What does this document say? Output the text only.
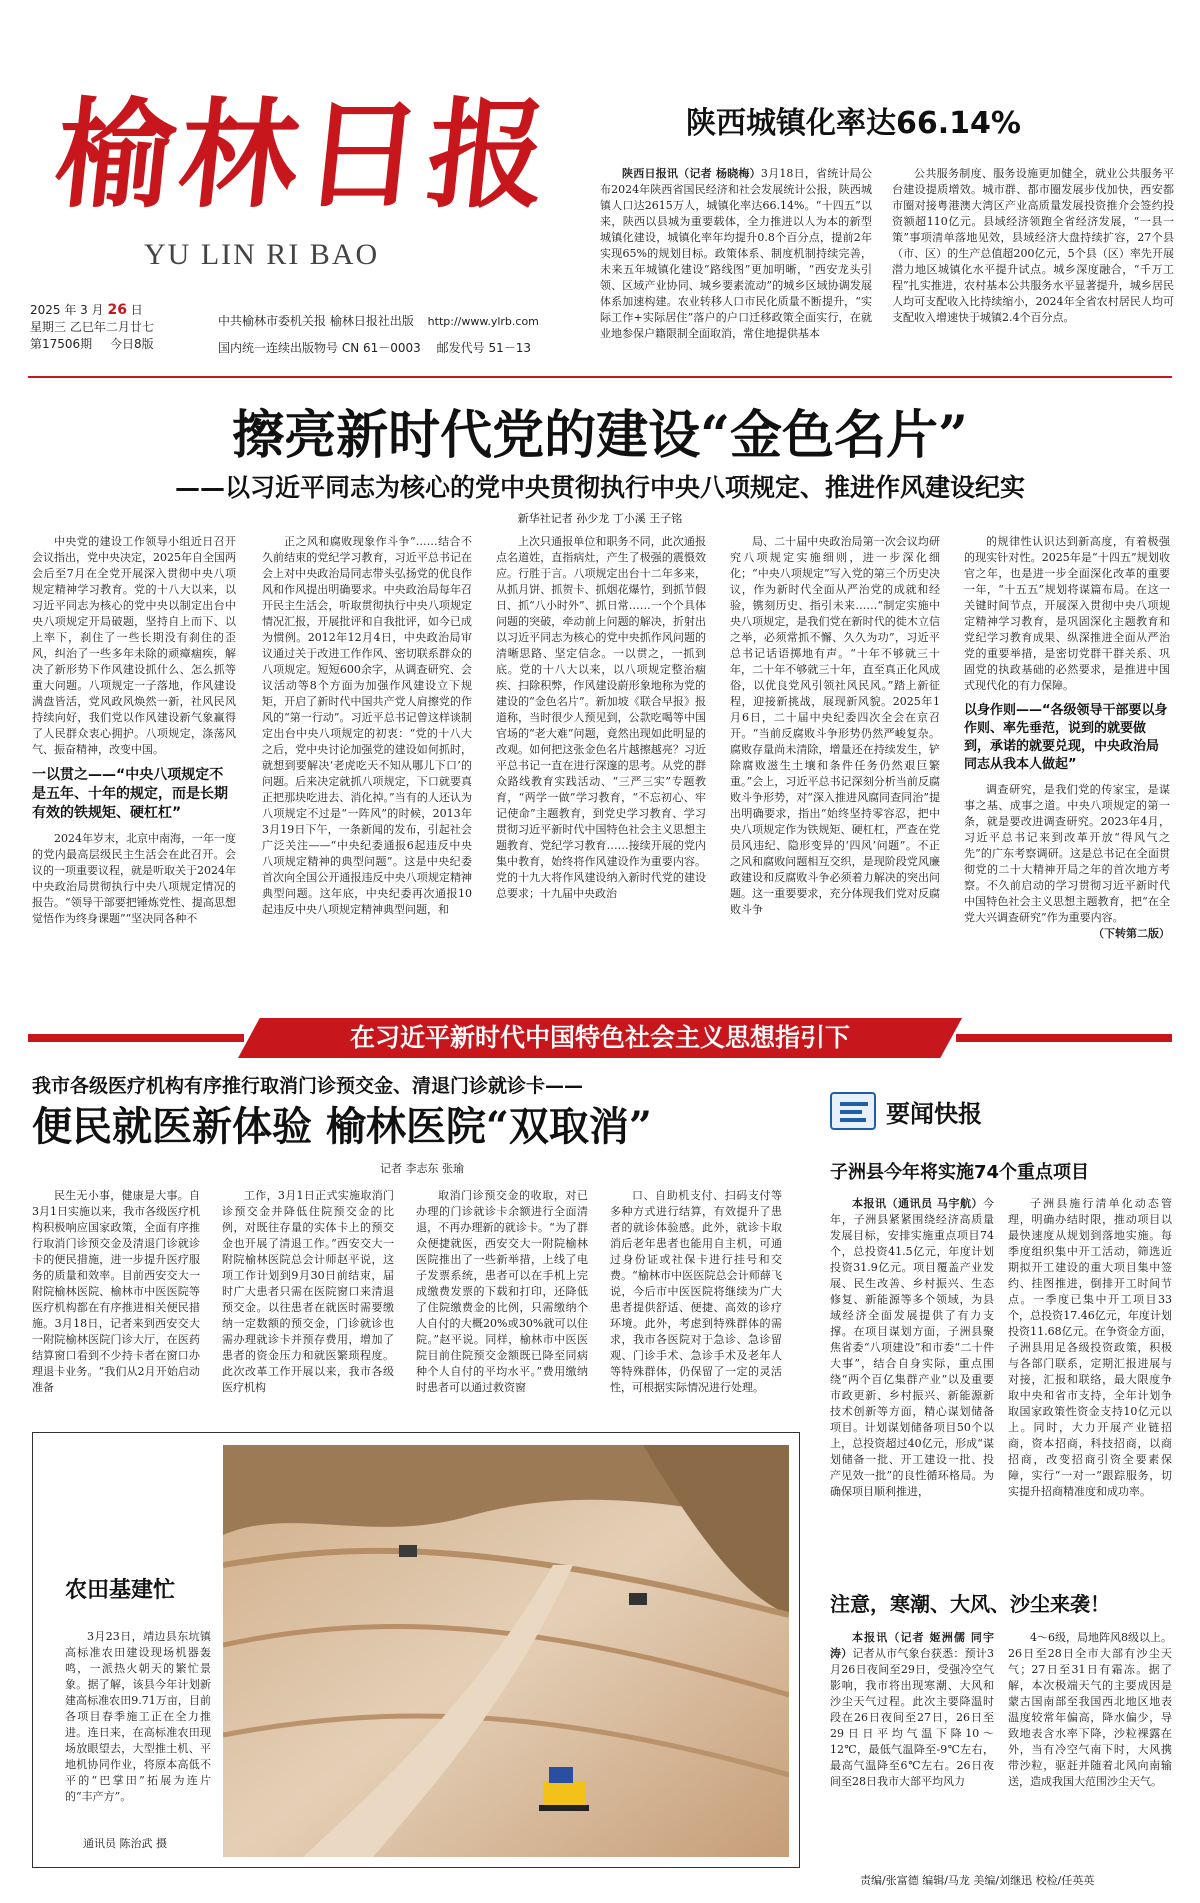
榆林日报
YU LIN RI BAO
2025 年 3 月 26 日
星期三 乙巳年二月廿七
第17506期 今日8版
中共榆林市委机关报 榆林日报社出版 http://www.ylrb.com
国内统一连续出版物号 CN 61－0003 邮发代号 51－13
陕西城镇化率达66.14%

陕西日报讯（记者 杨晓梅）3月18日，省统计局公布2024年陕西省国民经济和社会发展统计公报，陕西城镇人口达2615万人，城镇化率达66.14%。“十四五”以来，陕西以县城为重要载体，全力推进以人为本的新型城镇化建设，城镇化率年均提升0.8个百分点，提前2年实现65%的规划目标。政策体系、制度机制持续完善，未来五年城镇化建设“路线图”更加明晰，“西安龙头引领、区域产业协同、城乡要素流动”的城乡区域协调发展体系加速构建。农业转移人口市民化质量不断提升，“实际工作+实际居住”落户的户口迁移政策全面实行，在就业地参保户籍限制全面取消，常住地提供基本

公共服务制度、服务设施更加健全，就业公共服务平台建设提质增效。城市群、都市圈发展步伐加快，西安都市圈对接粤港澳大湾区产业高质量发展投资推介会签约投资额超110亿元。县域经济领跑全省经济发展，“一县一策”事项清单落地见效，县域经济大盘持续扩容，27个县（市、区）的生产总值超200亿元，5个县（区）率先开展潜力地区城镇化水平提升试点。城乡深度融合，“千万工程”扎实推进，农村基本公共服务水平显著提升，城乡居民人均可支配收入比持续缩小，2024年全省农村居民人均可支配收入增速快于城镇2.4个百分点。

擦亮新时代党的建设“金色名片”
——以习近平同志为核心的党中央贯彻执行中央八项规定、推进作风建设纪实
新华社记者 孙少龙 丁小溪 王子铭

中央党的建设工作领导小组近日召开会议指出，党中央决定，2025年自全国两会后至7月在全党开展深入贯彻中央八项规定精神学习教育。党的十八大以来，以习近平同志为核心的党中央以制定出台中央八项规定开局破题，坚持自上而下、以上率下，刹住了一些长期没有刹住的歪风，纠治了一些多年未除的顽瘴痼疾，解决了新形势下作风建设抓什么、怎么抓等重大问题。八项规定一子落地，作风建设满盘皆活，党风政风焕然一新，社风民风持续向好，我们党以作风建设新气象赢得了人民群众衷心拥护。八项规定，涤荡风气、振奋精神，改变中国。

一以贯之——“中央八项规定不是五年、十年的规定，而是长期有效的铁规矩、硬杠杠”

2024年岁末，北京中南海，一年一度的党内最高层级民主生活会在此召开。会议的一项重要议程，就是听取关于2024年中央政治局贯彻执行中央八项规定情况的报告。“领导干部要把锤炼党性、提高思想觉悟作为终身课题”“坚决同各种不

正之风和腐败现象作斗争”……结合不久前结束的党纪学习教育，习近平总书记在会上对中央政治局同志带头弘扬党的优良作风和作风提出明确要求。中央政治局每年召开民主生活会，听取贯彻执行中央八项规定情况汇报，开展批评和自我批评，如今已成为惯例。2012年12月4日，中央政治局审议通过关于改进工作作风、密切联系群众的八项规定。短短600余字，从调查研究、会议活动等8个方面为加强作风建设立下规矩，开启了新时代中国共产党人肩擦党的作风的“第一行动”。习近平总书记曾这样谈制定出台中央八项规定的初衷：“党的十八大之后，党中央讨论加强党的建设如何抓时，就想到要解决‘老虎吃天不知从哪儿下口’的问题。后来决定就抓八项规定，下口就要真正把那块吃进去、消化掉。”当有的人还认为八项规定不过是“一阵风”的时候，2013年3月19日下午，一条新闻的发布，引起社会广泛关注——“中央纪委通报6起违反中央八项规定精神的典型问题”。这是中央纪委首次向全国公开通报违反中央八项规定精神典型问题。这年底，中央纪委再次通报10起违反中央八项规定精神典型问题，和

上次只通报单位和职务不同，此次通报点名道姓，直指病灶，产生了极强的震慑效应。行胜于言。八项规定出台十二年多来，从抓月饼、抓贺卡、抓烟花爆竹，到抓节假日、抓“八小时外”、抓日常……一个个具体问题的突破，牵动前上问题的解决，折射出以习近平同志为核心的党中央抓作风问题的清晰思路、坚定信念。一以贯之，一抓到底。党的十八大以来，以八项规定整治痼疾、扫除积弊，作风建设蔚形象地称为党的建设的“金色名片”。新加坡《联合早报》报道称，当时很少人预见到，公款吃喝等中国官场的“老大难”问题，竟然出现如此明显的改观。如何把这张金色名片越擦越亮？习近平总书记一直在进行深邃的思考。从党的群众路线教育实践活动、“三严三实”专题教育，“两学一做”学习教育，“不忘初心、牢记使命”主题教育，到党史学习教育、学习贯彻习近平新时代中国特色社会主义思想主题教育、党纪学习教育……接续开展的党内集中教育，始终将作风建设作为重要内容。党的十九大将作风建设纳入新时代党的建设总要求；十九届中央政治

局、二十届中央政治局第一次会议均研究八项规定实施细则，进一步深化细化；“中央八项规定”写入党的第三个历史决议，作为新时代全面从严治党的成就和经验，镌刻历史、指引未来……“制定实施中央八项规定，是我们党在新时代的徙木立信之举，必须常抓不懈、久久为功”，习近平总书记话语掷地有声。“十年不够就三十年，二十年不够就三十年，直至真正化风成俗，以优良党风引领社风民风。”踏上新征程，迎接新挑战，展现新风貌。2025年1月6日，二十届中央纪委四次全会在京召开。“当前反腐败斗争形势仍然严峻复杂。腐败存量尚未清除，增量还在持续发生，铲除腐败滋生土壤和条件任务仍然艰巨繁重。”会上，习近平总书记深刻分析当前反腐败斗争形势，对“深入推进风腐同查同治”提出明确要求，指出“始终坚持零容忍，把中央八项规定作为铁规矩、硬杠杠，严查在党员风违纪、隐形变异的‘四风’问题”。不正之风和腐败问题相互交织，是现阶段党风廉政建设和反腐败斗争必须着力解决的突出问题。这一重要要求，充分体现我们党对反腐败斗争

的规律性认识达到新高度，有着极强的现实针对性。2025年是“十四五”规划收官之年，也是进一步全面深化改革的重要一年，“十五五”规划将谋篇布局。在这一关键时间节点，开展深入贯彻中央八项规定精神学习教育，是巩固深化主题教育和党纪学习教育成果、纵深推进全面从严治党的重要举措，是密切党群干群关系、巩固党的执政基础的必然要求，是推进中国式现代化的有力保障。

以身作则——“各级领导干部要以身作则、率先垂范，说到的就要做到，承诺的就要兑现，中央政治局同志从我本人做起”

调查研究，是我们党的传家宝，是谋事之基、成事之道。中央八项规定的第一条，就是要改进调查研究。2023年4月，习近平总书记来到改革开放“得风气之先”的广东考察调研。这是总书记在全面贯彻党的二十大精神开局之年的首次地方考察。不久前启动的学习贯彻习近平新时代中国特色社会主义思想主题教育，把“在全党大兴调查研究”作为重要内容。

（下转第二版）
在习近平新时代中国特色社会主义思想指引下
我市各级医疗机构有序推行取消门诊预交金、清退门诊就诊卡——
便民就医新体验 榆林医院“双取消”
记者 李志东 张瑜

民生无小事，健康是大事。自3月1日实施以来，我市各级医疗机构积极响应国家政策，全面有序推行取消门诊预交金及清退门诊就诊卡的便民措施，进一步提升医疗服务的质量和效率。目前西安交大一附院榆林医院、榆林市中医医院等医疗机构都在有序推进相关便民措施。3月18日，记者来到西安交大一附院榆林医院门诊大厅，在医药结算窗口看到不少持卡者在窗口办理退卡业务。“我们从2月开始启动准备

工作，3月1日正式实施取消门诊预交金并降低住院预交金的比例，对既往存量的实体卡上的预交金也开展了清退工作。”西安交大一附院榆林医院总会计师赵平说，这项工作计划到9月30日前结束，届时广大患者只需在医院窗口来清退预交金。以往患者在就医时需要缴纳一定数额的预交金，门诊就诊也需办理就诊卡并预存费用，增加了患者的资金压力和就医繁琐程度。此次改革工作开展以来，我市各级医疗机构

取消门诊预交金的收取，对已办理的门诊就诊卡余额进行全面清退，不再办理新的就诊卡。“为了群众便捷就医，西安交大一附院榆林医院推出了一些新举措，上线了电子发票系统，患者可以在手机上完成缴费发票的下载和打印，还降低了住院缴费金的比例，只需缴纳个人自付的大概20%或30%就可以住院。”赵平说。同样，榆林市中医医院目前住院预交金额既已降至同病种个人自付的平均水平。”费用缴纳时患者可以通过救资窗

口、自助机支付、扫码支付等多种方式进行结算，有效提升了患者的就诊体验感。此外，就诊卡取消后老年患者也能用自主机，可通过身份证或社保卡进行挂号和交费。“榆林市中医医院总会计师薛飞说，今后市中医医院将继续为广大患者提供舒适、便捷、高效的诊疗环境。此外，考虑到特殊群体的需求，我市各医院对于急诊、急诊留观、门诊手术、急诊手术及老年人等特殊群体，仍保留了一定的灵活性，可根据实际情况进行处理。

农田基建忙

3月23日，靖边县东坑镇高标准农田建设现场机器轰鸣，一派热火朝天的繁忙景象。据了解，该县今年计划新建高标准农田9.71万亩，目前各项目春季施工正在全力推进。连日来，在高标准农田现场放眼望去，大型推土机、平地机协同作业，将原本高低不平的“巴掌田”拓展为连片的“丰产方”。

通讯员 陈治武 摄
要闻快报
子洲县今年将实施74个重点项目

本报讯（通讯员 马宇航）今年，子洲县紧紧围绕经济高质量发展目标，安排实施重点项目74个，总投资41.5亿元，年度计划投资31.9亿元。项目覆盖产业发展、民生改善、乡村振兴、生态修复、新能源等多个领域，为县域经济全面发展提供了有力支撑。在项目谋划方面，子洲县聚焦省委“八项建设”和市委“二十件大事”，结合自身实际，重点围绕“两个百亿集群产业”以及重要市政更新、乡村振兴、新能源新技术创新等方面，精心谋划储备项目。计划谋划储备项目50个以上，总投资超过40亿元，形成“谋划储备一批、开工建设一批、投产见效一批”的良性循环格局。为确保项目顺利推进，

子洲县施行清单化动态管理，明确办结时限，推动项目以最快速度从规划到落地实施。每季度组织集中开工活动，筛选近期拟开工建设的重大项目集中签约、挂图推进，倒排开工时间节点。一季度已集中开工项目33个，总投资17.46亿元，年度计划投资11.68亿元。在争资金方面，子洲县用足各级投资政策，积极与各部门联系，定期汇报进展与对接，汇报和联络，最大限度争取中央和省市支持，全年计划争取国家政策性资金支持10亿元以上。同时，大力开展产业链招商，资本招商，科技招商，以商招商，改变招商引资全要素保障，实行“一对一”跟踪服务，切实提升招商精准度和成功率。

注意，寒潮、大风、沙尘来袭！

本报讯（记者 姬洲儒 同宇涛）记者从市气象台获悉：预计3月26日夜间至29日，受强冷空气影响，我市将出现寒潮、大风和沙尘天气过程。此次主要降温时段在26日夜间至27日，26日至29日日平均气温下降10～12℃，最低气温降至-9℃左右，最高气温降至6℃左右。26日夜间至28日我市大部平均风力

4～6级，局地阵风8级以上。26日至28日全市大部有沙尘天气；27日至31日有霜冻。据了解，本次极端天气的主要成因是蒙古国南部至我国西北地区地表温度较常年偏高，降水偏少，导致地表含水率下降，沙粒裸露在外，当有冷空气南下时，大风携带沙粒，驱赶并随着北风向南输送，造成我国大范围沙尘天气。

责编/张富德 编辑/马龙 美编/刘继迅 校检/任英英
